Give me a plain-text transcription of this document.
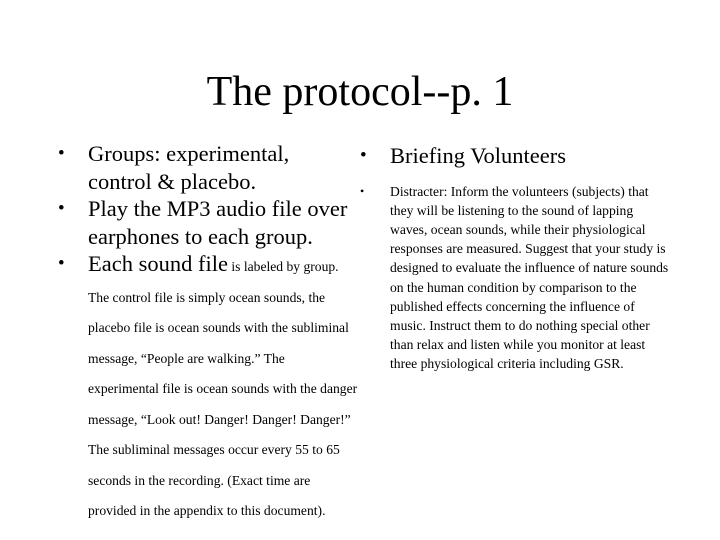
The protocol--p. 1
•	Groups: experimental, control & placebo.
•	Play the MP3 audio file over earphones to each group.
•	Each sound file is labeled by group. The control file is simply ocean sounds, the placebo file is ocean sounds with the subliminal message, “People are walking.” The experimental file is ocean sounds with the danger message, “Look out! Danger! Danger! Danger!” The subliminal messages occur every 55 to 65 seconds in the recording. (Exact time are provided in the appendix to this document).
•	Briefing Volunteers
•	Distracter: Inform the volunteers (subjects) that they will be listening to the sound of lapping waves, ocean sounds, while their physiological responses are measured. Suggest that your study is designed to evaluate the influence of nature sounds on the human condition by comparison to the published effects concerning the influence of music. Instruct them to do nothing special other than relax and listen while you monitor at least three physiological criteria including GSR.
